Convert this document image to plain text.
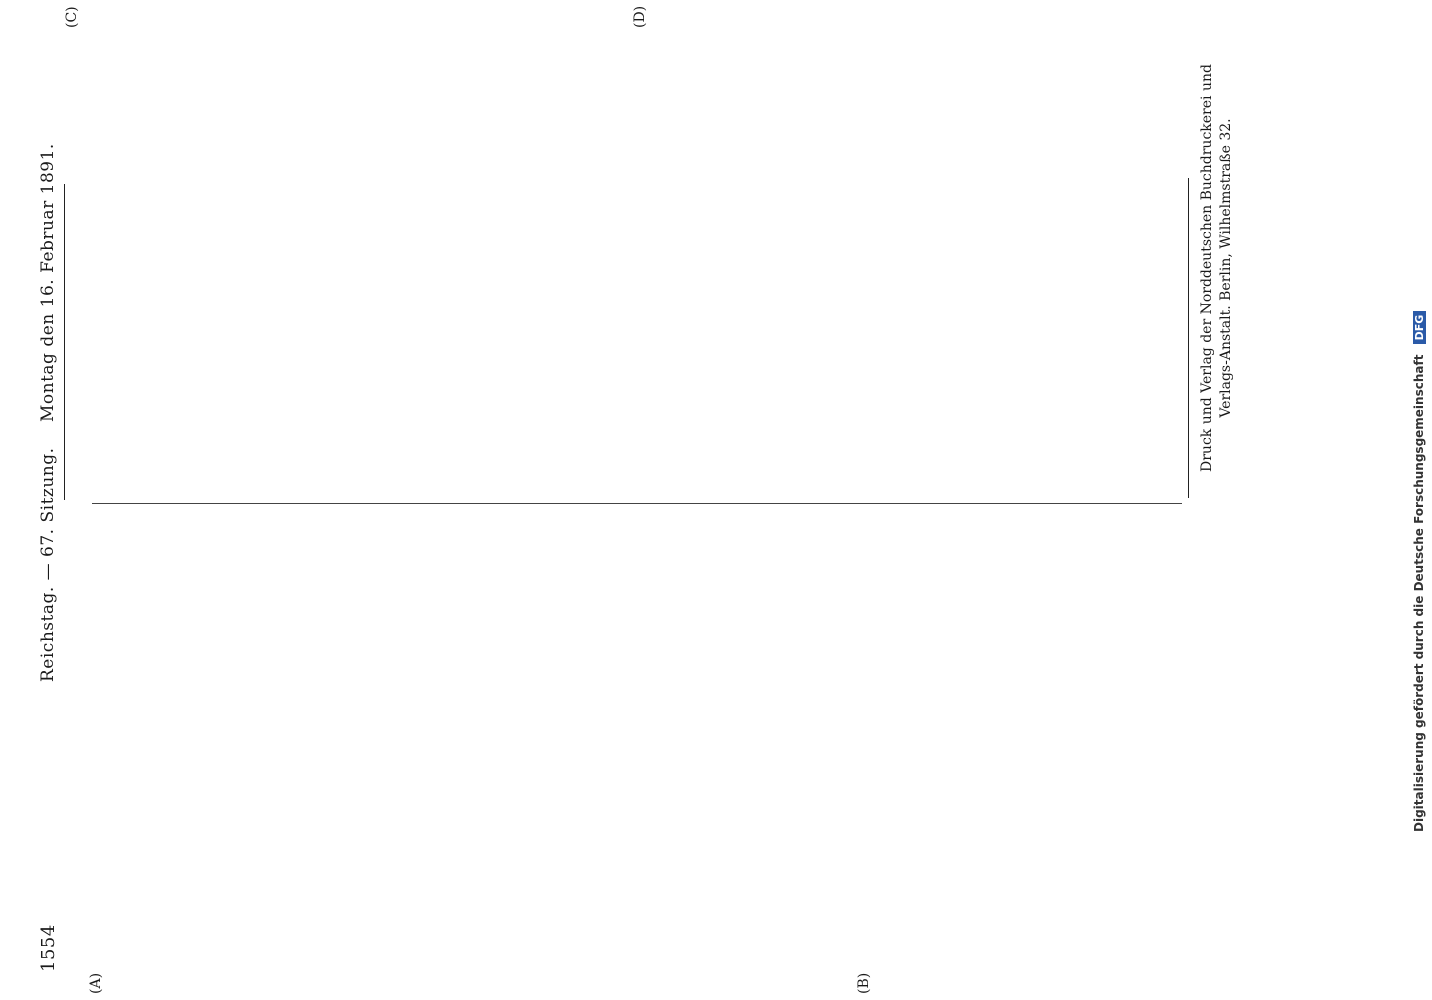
1554
Reichstag. — 67. Sitzung.
Montag den 16. Februar 1891.
(A)	(B)
(C)	(D)

Druck und Verlag der Norddeutschen Buchdruckerei und Verlags-Anstalt. Berlin, Wilhelmstraße 32.
Digitalisierung gefördert durch die Deutsche Forschungsgemeinschaft DFG
